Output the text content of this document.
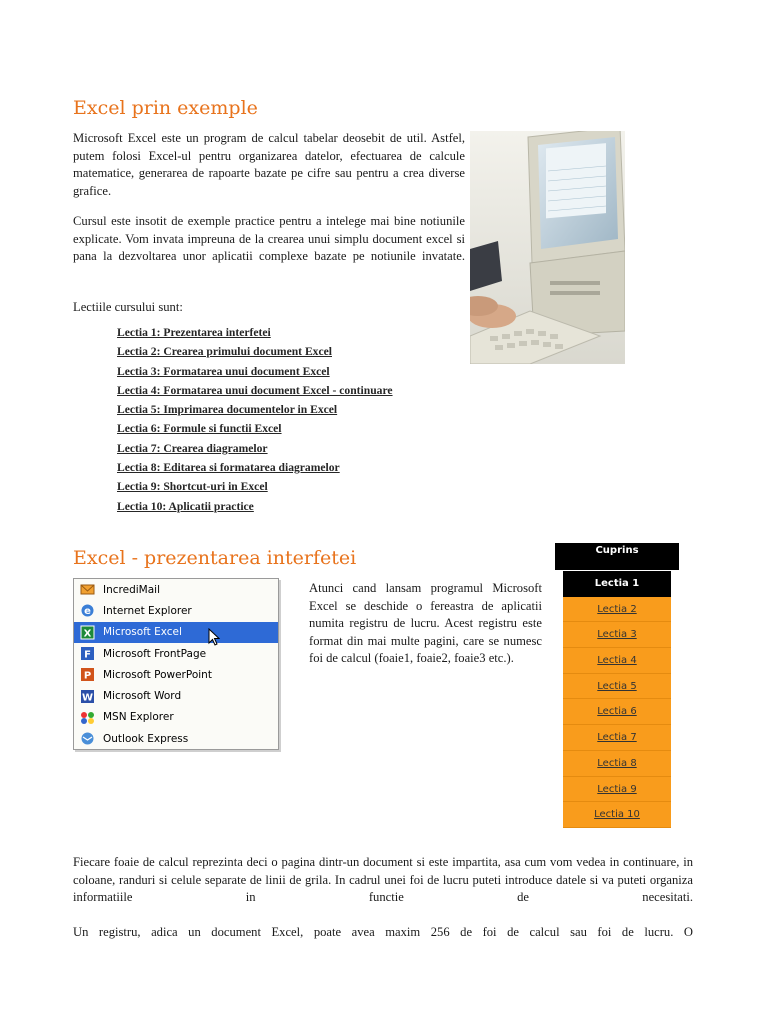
Excel prin exemple

Microsoft Excel este un program de calcul tabelar deosebit de util. Astfel, putem folosi Excel-ul pentru organizarea datelor, efectuarea de calcule matematice, generarea de rapoarte bazate pe cifre sau pentru a crea diverse grafice.

Cursul este insotit de exemple practice pentru a intelege mai bine notiunile explicate. Vom invata impreuna de la crearea unui simplu document excel si pana la dezvoltarea unor aplicatii complexe bazate pe notiunile invatate.

Lectiile cursului sunt:

Lectia 1: Prezentarea interfetei
Lectia 2: Crearea primului document Excel
Lectia 3: Formatarea unui document Excel
Lectia 4: Formatarea unui document Excel - continuare
Lectia 5: Imprimarea documentelor in Excel
Lectia 6: Formule si functii Excel
Lectia 7: Crearea diagramelor
Lectia 8: Editarea si formatarea diagramelor
Lectia 9: Shortcut-uri in Excel
Lectia 10: Aplicatii practice
Excel - prezentarea interfetei
IncrediMail
e Internet Explorer
X Microsoft Excel
F Microsoft FrontPage
P Microsoft PowerPoint
W Microsoft Word
MSN Explorer
Outlook Express

Atunci cand lansam programul Microsoft Excel se deschide o fereastra de aplicatii numita registru de lucru. Acest registru este format din mai multe pagini, care se numesc foi de calcul (foaie1, foaie2, foaie3 etc.).

Cuprins
Lectia 1
Lectia 2
Lectia 3
Lectia 4
Lectia 5
Lectia 6
Lectia 7
Lectia 8
Lectia 9
Lectia 10

Fiecare foaie de calcul reprezinta deci o pagina dintr-un document si este impartita, asa cum vom vedea in continuare, in coloane, randuri si celule separate de linii de grila. In cadrul unei foi de lucru puteti introduce datele si va puteti organiza informatiile in functie de necesitati.

Un registru, adica un document Excel, poate avea maxim 256 de foi de calcul sau foi de lucru. O
